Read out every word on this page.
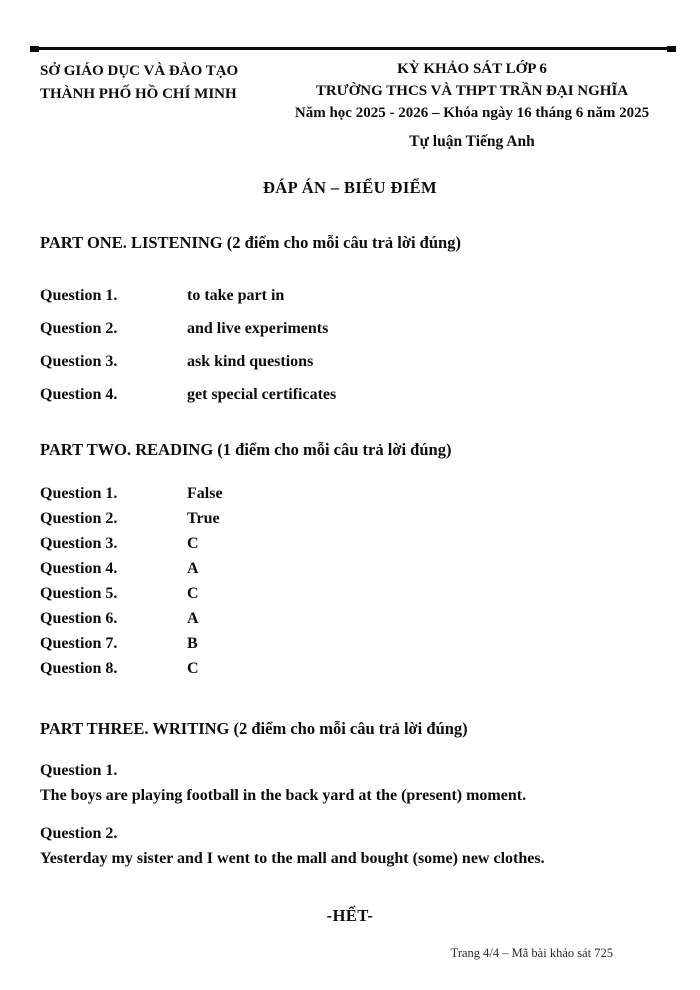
SỞ GIÁO DỤC VÀ ĐÀO TẠO
THÀNH PHỐ HỒ CHÍ MINH
KỲ KHẢO SÁT LỚP 6
TRƯỜNG THCS VÀ THPT TRẦN ĐẠI NGHĨA
Năm học 2025 - 2026 – Khóa ngày 16 tháng 6 năm 2025
Tự luận Tiếng Anh
ĐÁP ÁN – BIỂU ĐIỂM
PART ONE. LISTENING (2 điểm cho mỗi câu trả lời đúng)
Question 1.	to take part in
Question 2.	and live experiments
Question 3.	ask kind questions
Question 4.	get special certificates
PART TWO. READING (1 điểm cho mỗi câu trả lời đúng)
Question 1.	False
Question 2.	True
Question 3.	C
Question 4.	A
Question 5.	C
Question 6.	A
Question 7.	B
Question 8.	C
PART THREE. WRITING (2 điểm cho mỗi câu trả lời đúng)
Question 1.
The boys are playing football in the back yard at the (present) moment.
Question 2.
Yesterday my sister and I went to the mall and bought (some) new clothes.
-HẾT-
Trang 4/4 – Mã bài khảo sát 725
